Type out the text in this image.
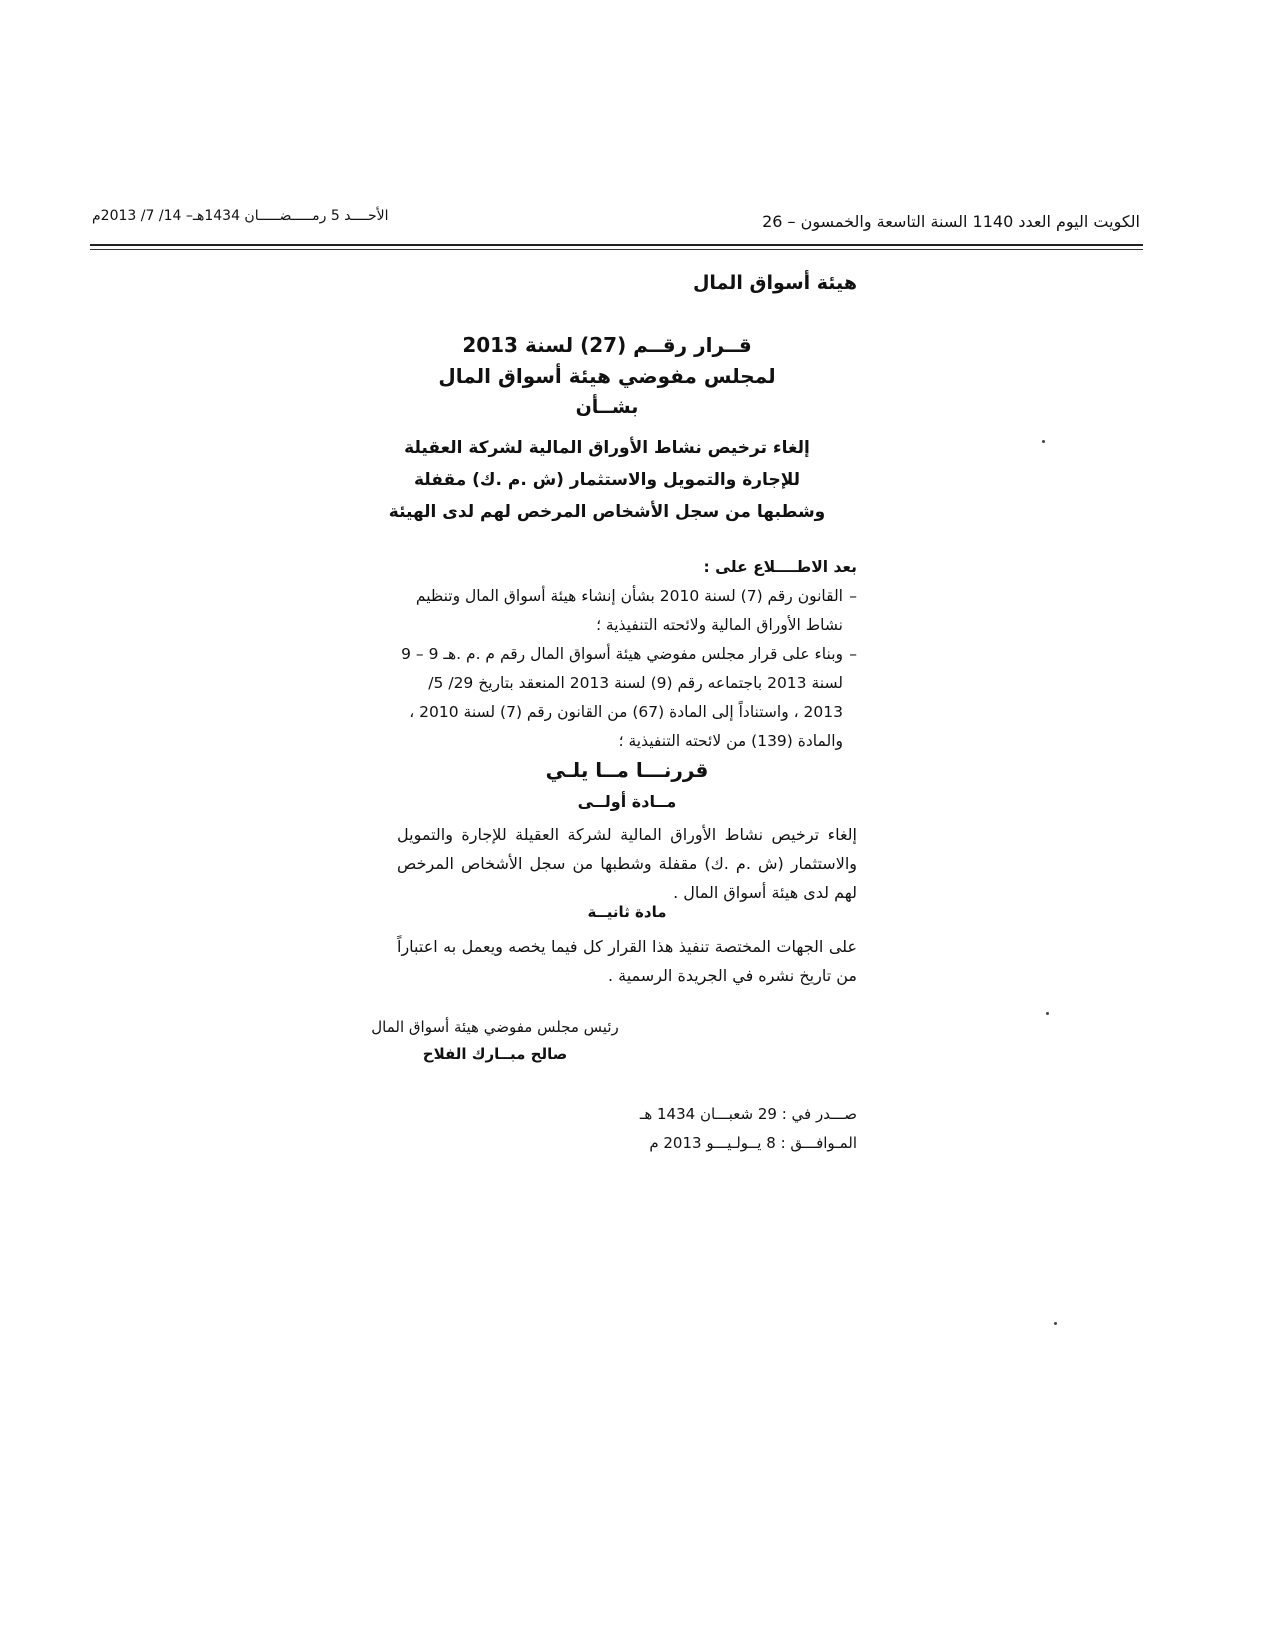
الكويت اليوم العدد 1140 السنة التاسعة والخمسون – 26
الأحــــد 5 رمـــــضـــــان 1434هـ– 14/ 7/ 2013م
هيئة أسواق المال
قــرار رقــم (27) لسنة 2013
لمجلس مفوضي هيئة أسواق المال
بشــأن
إلغاء ترخيص نشاط الأوراق المالية لشركة العقيلة
للإجارة والتمويل والاستثمار (ش .م .ك) مقفلة
وشطبها من سجل الأشخاص المرخص لهم لدى الهيئة
بعد الاطــــلاع على :
–
القانون رقم (7) لسنة 2010 بشأن إنشاء هيئة أسواق المال وتنظيم نشاط الأوراق المالية ولائحته التنفيذية ؛
–
وبناء على قرار مجلس مفوضي هيئة أسواق المال رقم م .م .هـ 9 – 9 لسنة 2013 باجتماعه رقم (9) لسنة 2013 المنعقد بتاريخ 29/ 5/ 2013 ، واستناداً إلى المادة (67) من القانون رقم (7) لسنة 2010 ، والمادة (139) من لائحته التنفيذية ؛
قررنـــا مــا يلـي
مــادة أولــى
إلغاء ترخيص نشاط الأوراق المالية لشركة العقيلة للإجارة والتمويل والاستثمار (ش .م .ك) مقفلة وشطبها من سجل الأشخاص المرخص لهم لدى هيئة أسواق المال .
مادة ثانيــة
على الجهات المختصة تنفيذ هذا القرار كل فيما يخصه ويعمل به اعتباراً من تاريخ نشره في الجريدة الرسمية .
رئيس مجلس مفوضي هيئة أسواق المال
صالح مبــارك الفلاح
صـــدر في : 29 شعبـــان 1434 هـ
المـوافـــق : 8 يــولـيـــو 2013 م
